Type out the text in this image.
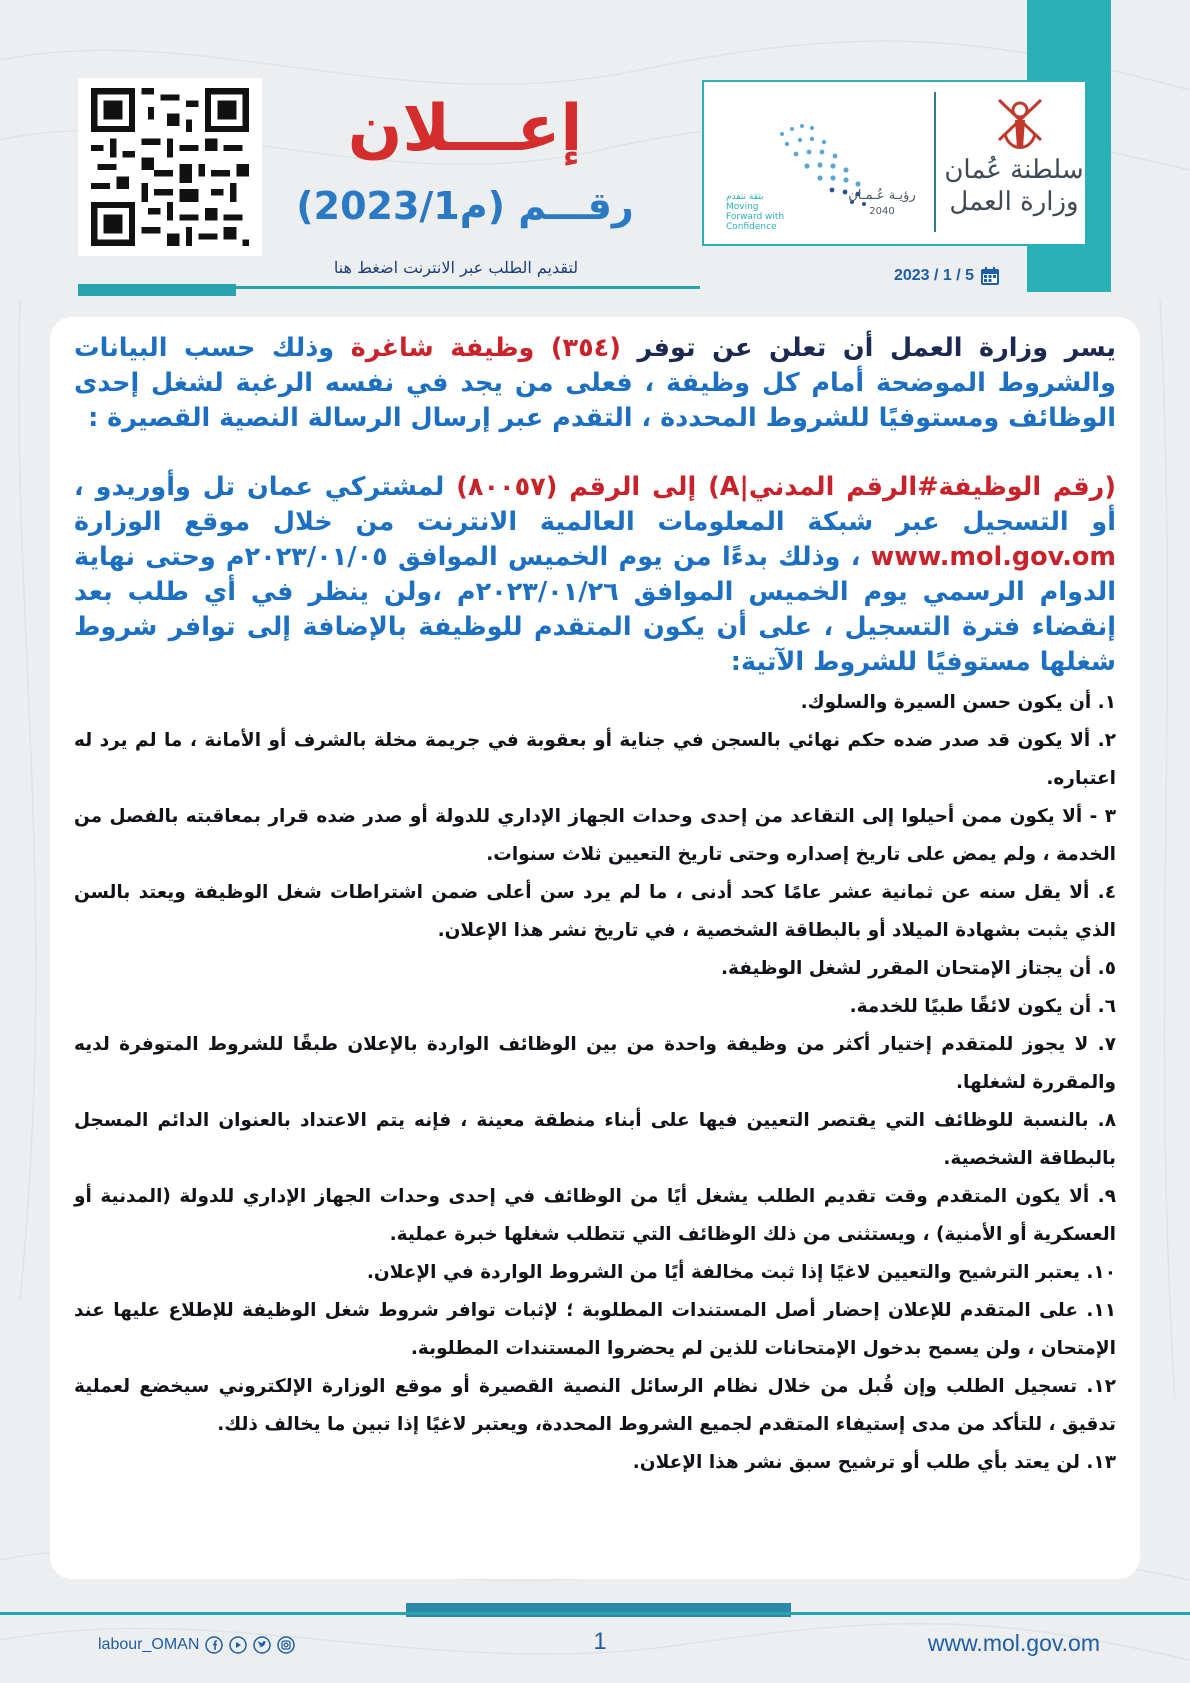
رؤيـة عُـمـان
2040
بثقة نتقدم Moving Forward with Confidence
سلطنة عُمان
وزارة العمل
2023 / 1 / 5
إعـــلان
رقـــم (م2023/1)
لتقديم الطلب عبر الانترنت اضغط هنا

يسر وزارة العمل أن تعلن عن توفر (٣٥٤) وظيفة شاغرة وذلك حسب البيانات والشروط الموضحة أمام كل وظيفة ، فعلى من يجد في نفسه الرغبة لشغل إحدى الوظائف ومستوفيًا للشروط المحددة ، التقدم عبر إرسال الرسالة النصية القصيرة :

(رقم الوظيفة#الرقم المدني|A) إلى الرقم (٨٠٠٥٧) لمشتركي عمان تل وأوريدو ، أو التسجيل عبر شبكة المعلومات العالمية الانترنت من خلال موقع الوزارة www.mol.gov.om ، وذلك بدءًا من يوم الخميس الموافق ٢٠٢٣/٠١/٠٥م وحتى نهاية الدوام الرسمي يوم الخميس الموافق ٢٠٢٣/٠١/٢٦م ،ولن ينظر في أي طلب بعد إنقضاء فترة التسجيل ، على أن يكون المتقدم للوظيفة بالإضافة إلى توافر شروط شغلها مستوفيًا للشروط الآتية:

١. أن يكون حسن السيرة والسلوك.
٢. ألا يكون قد صدر ضده حكم نهائي بالسجن في جناية أو بعقوبة في جريمة مخلة بالشرف أو الأمانة ، ما لم يرد له اعتباره.
٣ - ألا يكون ممن أحيلوا إلى التقاعد من إحدى وحدات الجهاز الإداري للدولة أو صدر ضده قرار بمعاقبته بالفصل من الخدمة ، ولم يمض على تاريخ إصداره وحتى تاريخ التعيين ثلاث سنوات.
٤. ألا يقل سنه عن ثمانية عشر عامًا كحد أدنى ، ما لم يرد سن أعلى ضمن اشتراطات شغل الوظيفة ويعتد بالسن الذي يثبت بشهادة الميلاد أو بالبطاقة الشخصية ، في تاريخ نشر هذا الإعلان.
٥. أن يجتاز الإمتحان المقرر لشغل الوظيفة.
٦. أن يكون لائقًا طبيًا للخدمة.
٧. لا يجوز للمتقدم إختيار أكثر من وظيفة واحدة من بين الوظائف الواردة بالإعلان طبقًا للشروط المتوفرة لديه والمقررة لشغلها.
٨. بالنسبة للوظائف التي يقتصر التعيين فيها على أبناء منطقة معينة ، فإنه يتم الاعتداد بالعنوان الدائم المسجل بالبطاقة الشخصية.
٩. ألا يكون المتقدم وقت تقديم الطلب يشغل أيًا من الوظائف في إحدى وحدات الجهاز الإداري للدولة (المدنية أو العسكرية أو الأمنية) ، ويستثنى من ذلك الوظائف التي تتطلب شغلها خبرة عملية.
١٠. يعتبر الترشيح والتعيين لاغيًا إذا ثبت مخالفة أيًا من الشروط الواردة في الإعلان.
١١. على المتقدم للإعلان إحضار أصل المستندات المطلوبة ؛ لإثبات توافر شروط شغل الوظيفة للإطلاع عليها عند الإمتحان ، ولن يسمح بدخول الإمتحانات للذين لم يحضروا المستندات المطلوبة.
١٢. تسجيل الطلب وإن قُبل من خلال نظام الرسائل النصية القصيرة أو موقع الوزارة الإلكتروني سيخضع لعملية تدقيق ، للتأكد من مدى إستيفاء المتقدم لجميع الشروط المحددة، ويعتبر لاغيًا إذا تبين ما يخالف ذلك.
١٣. لن يعتد بأي طلب أو ترشيح سبق نشر هذا الإعلان.
labour_OMAN	1	www.mol.gov.om
